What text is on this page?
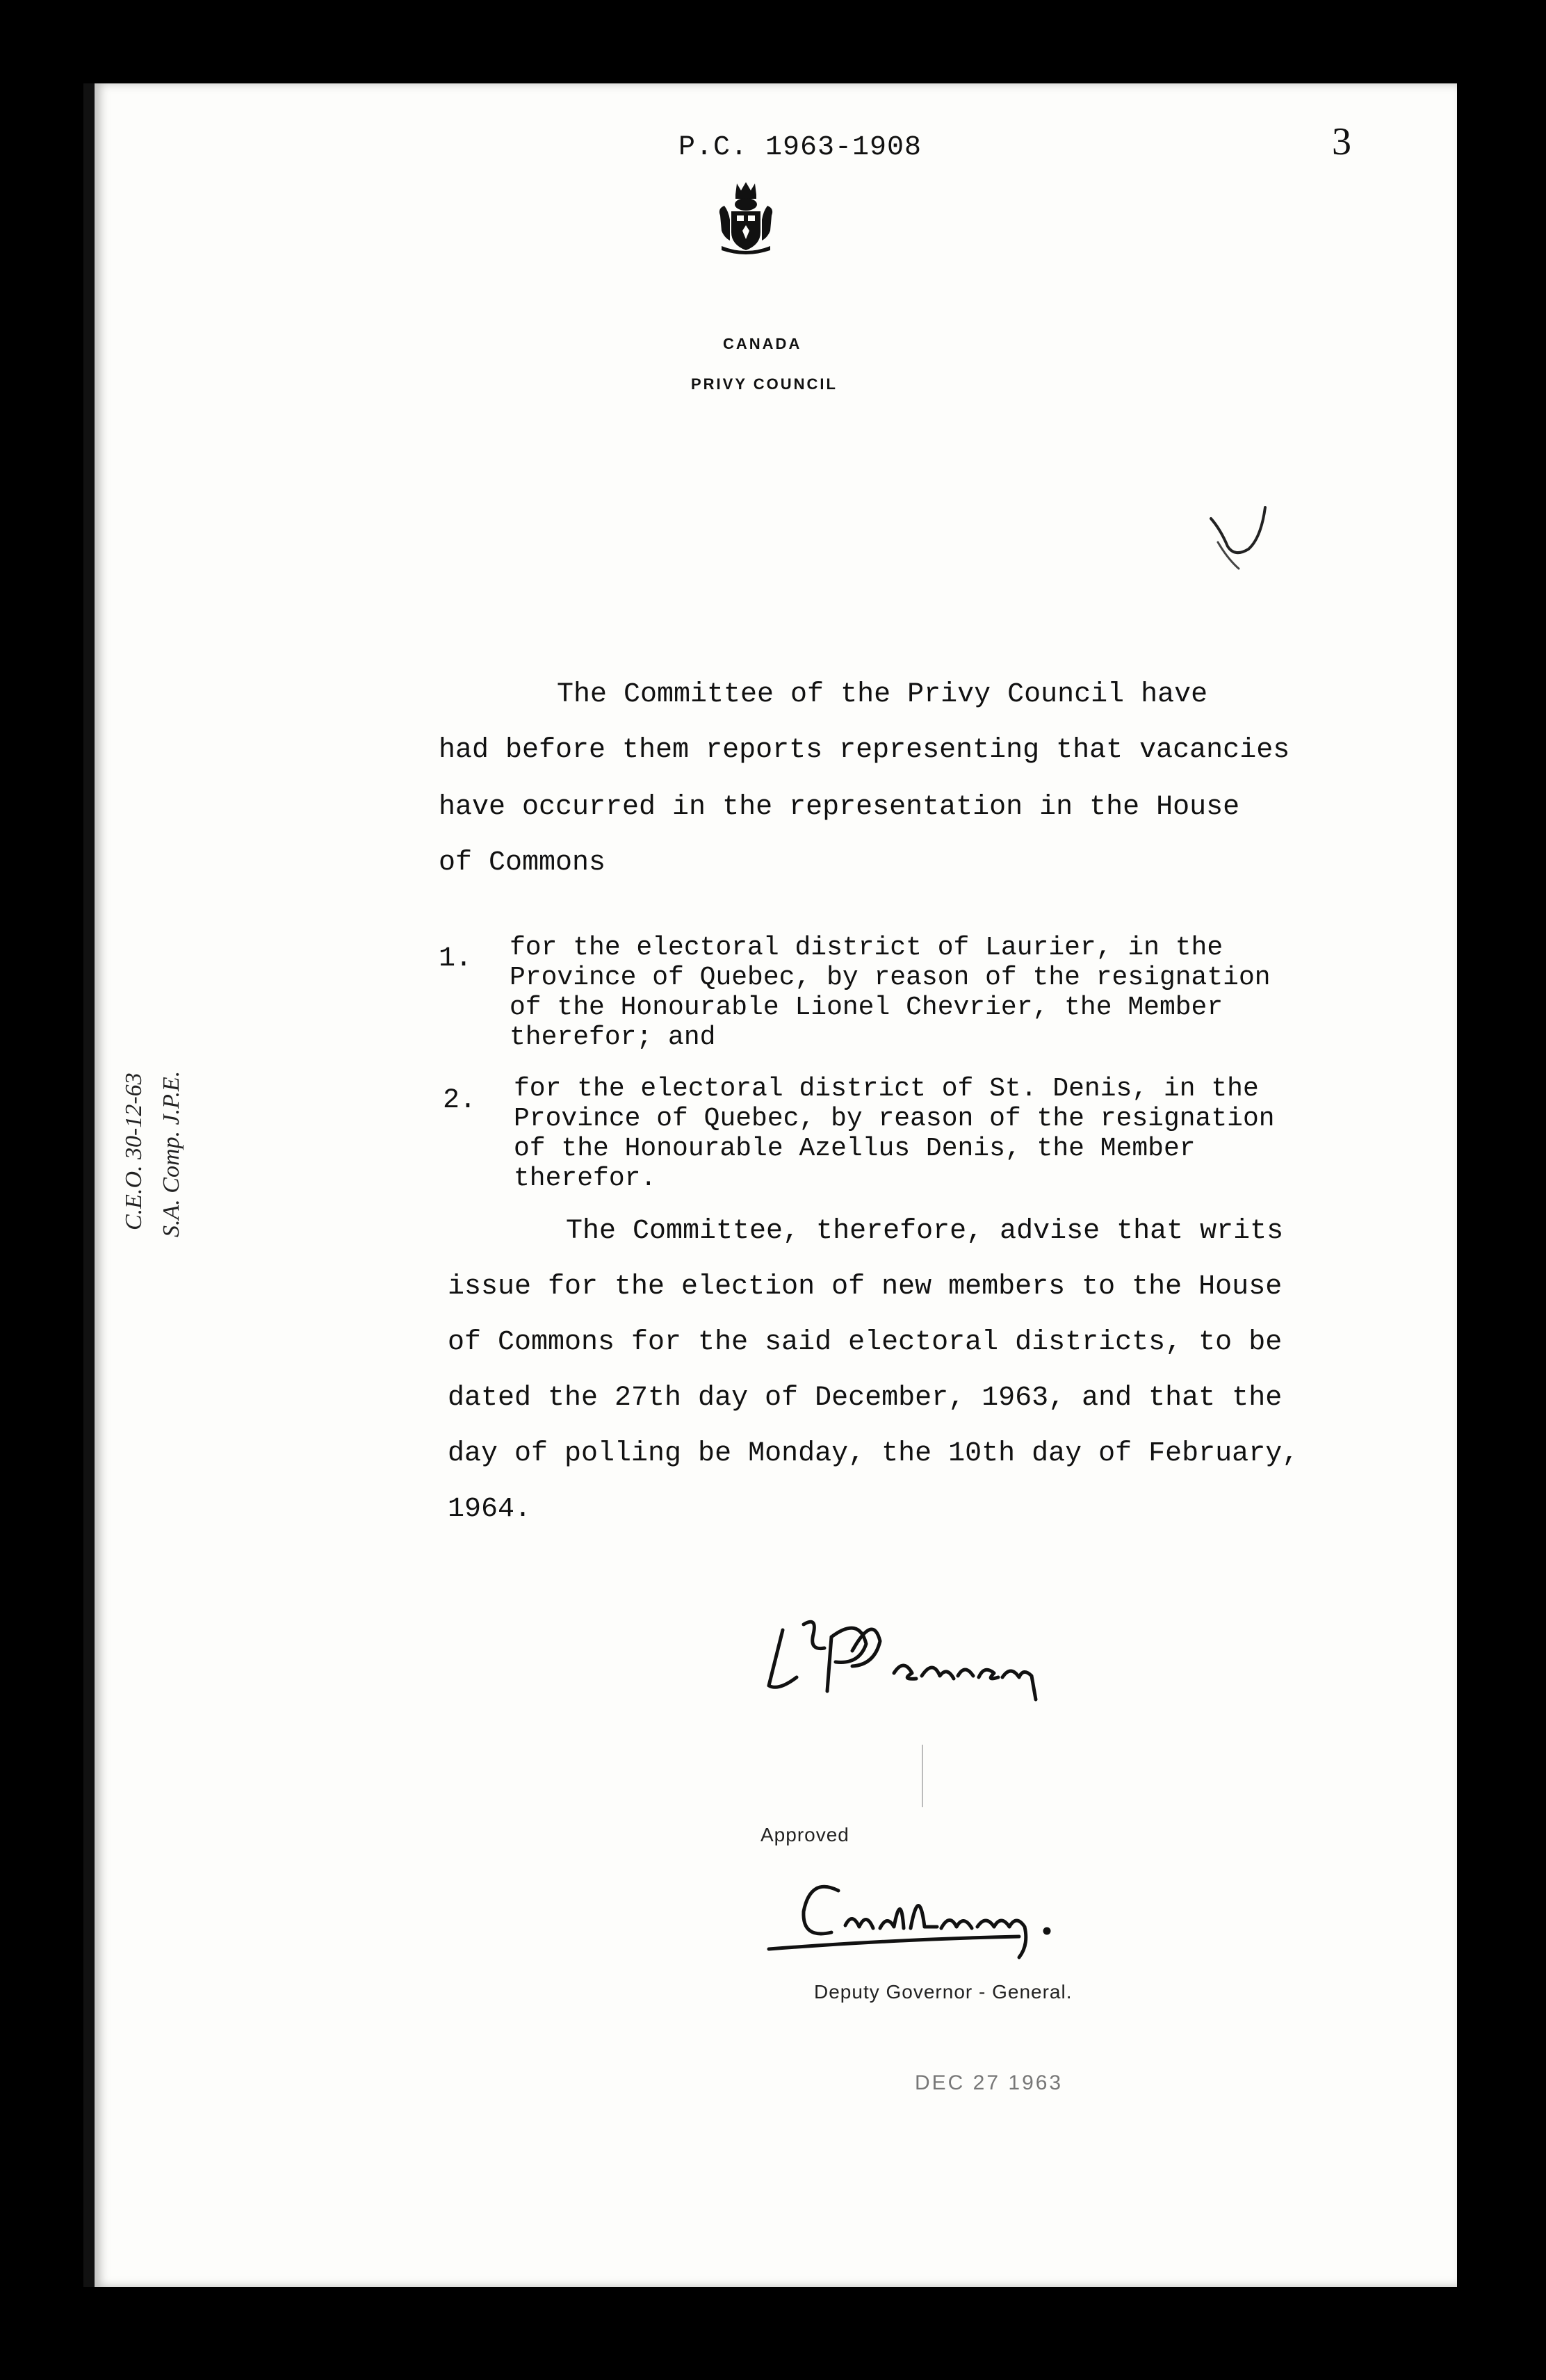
P.C. 1963-1908	3
CANADA
PRIVY COUNCIL
The Committee of the Privy Council have
had before them reports representing that vacancies
have occurred in the representation in the House
of Commons
1. for the electoral district of Laurier, in the
Province of Quebec, by reason of the resignation
of the Honourable Lionel Chevrier, the Member
therefor; and
2. for the electoral district of St. Denis, in the
Province of Quebec, by reason of the resignation
of the Honourable Azellus Denis, the Member
therefor.
The Committee, therefore, advise that writs
issue for the election of new members to the House
of Commons for the said electoral districts, to be
dated the 27th day of December, 1963, and that the
day of polling be Monday, the 10th day of February,
1964.
Approved
Deputy Governor - General.
DEC 27 1963
C.E.O. 30-12-63 S.A. Comp. J.P.E.
